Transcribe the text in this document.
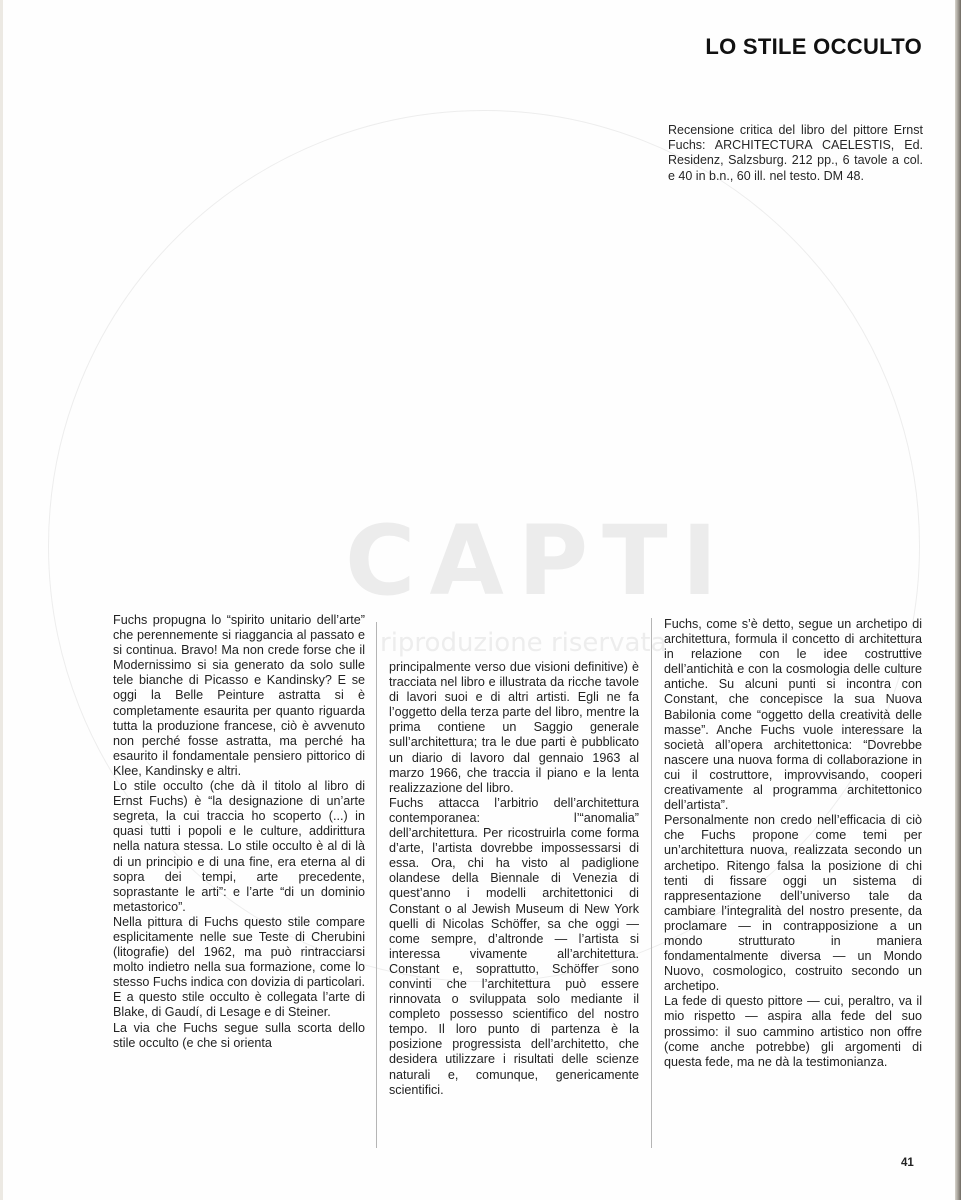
CAPTI
riproduzione riservata
LO STILE OCCULTO
Recensione critica del libro del pittore Ernst Fuchs: ARCHITECTURA CAELESTIS, Ed. Residenz, Salzsburg. 212 pp., 6 tavole a col. e 40 in b.n., 60 ill. nel testo. DM 48.

Fuchs propugna lo “spirito unitario dell’arte” che perennemente si riaggancia al passato e si continua. Bravo! Ma non crede forse che il Modernissimo si sia generato da solo sulle tele bianche di Picasso e Kandinsky? E se oggi la Belle Peinture astratta si è completamente esaurita per quanto riguarda tutta la produzione francese, ciò è avvenuto non perché fosse astratta, ma perché ha esaurito il fondamentale pensiero pittorico di Klee, Kandinsky e altri.

Lo stile occulto (che dà il titolo al libro di Ernst Fuchs) è “la designazione di un’arte segreta, la cui traccia ho scoperto (...) in quasi tutti i popoli e le culture, addirittura nella natura stessa. Lo stile occulto è al di là di un principio e di una fine, era eterna al di sopra dei tempi, arte precedente, soprastante le arti”: e l’arte “di un dominio metastorico”.

Nella pittura di Fuchs questo stile compare esplicitamente nelle sue Teste di Cherubini (litografie) del 1962, ma può rintracciarsi molto indietro nella sua formazione, come lo stesso Fuchs indica con dovizia di particolari. E a questo stile occulto è collegata l’arte di Blake, di Gaudí, di Lesage e di Steiner.

La via che Fuchs segue sulla scorta dello stile occulto (e che si orienta

principalmente verso due visioni definitive) è tracciata nel libro e illustrata da ricche tavole di lavori suoi e di altri artisti. Egli ne fa l’oggetto della terza parte del libro, mentre la prima contiene un Saggio generale sull’architettura; tra le due parti è pubblicato un diario di lavoro dal gennaio 1963 al marzo 1966, che traccia il piano e la lenta realizzazione del libro.

Fuchs attacca l’arbitrio dell’architettura contemporanea: l’“anomalia” dell’architettura. Per ricostruirla come forma d’arte, l’artista dovrebbe impossessarsi di essa. Ora, chi ha visto al padiglione olandese della Biennale di Venezia di quest’anno i modelli architettonici di Constant o al Jewish Museum di New York quelli di Nicolas Schöffer, sa che oggi — come sempre, d’altronde — l’artista si interessa vivamente all’architettura. Constant e, soprattutto, Schöffer sono convinti che l’architettura può essere rinnovata o sviluppata solo mediante il completo possesso scientifico del nostro tempo. Il loro punto di partenza è la posizione progressista dell’architetto, che desidera utilizzare i risultati delle scienze naturali e, comunque, genericamente scientifici.

Fuchs, come s’è detto, segue un archetipo di architettura, formula il concetto di architettura in relazione con le idee costruttive dell’antichità e con la cosmologia delle culture antiche. Su alcuni punti si incontra con Constant, che concepisce la sua Nuova Babilonia come “oggetto della creatività delle masse”. Anche Fuchs vuole interessare la società all’opera architettonica: “Dovrebbe nascere una nuova forma di collaborazione in cui il costruttore, improvvisando, cooperi creativamente al programma architettonico dell’artista”.

Personalmente non credo nell’efficacia di ciò che Fuchs propone come temi per un’architettura nuova, realizzata secondo un archetipo. Ritengo falsa la posizione di chi tenti di fissare oggi un sistema di rappresentazione dell’universo tale da cambiare l’integralità del nostro presente, da proclamare — in contrapposizione a un mondo strutturato in maniera fondamentalmente diversa — un Mondo Nuovo, cosmologico, costruito secondo un archetipo.

La fede di questo pittore — cui, peraltro, va il mio rispetto — aspira alla fede del suo prossimo: il suo cammino artistico non offre (come anche potrebbe) gli argomenti di questa fede, ma ne dà la testimonianza.

41
